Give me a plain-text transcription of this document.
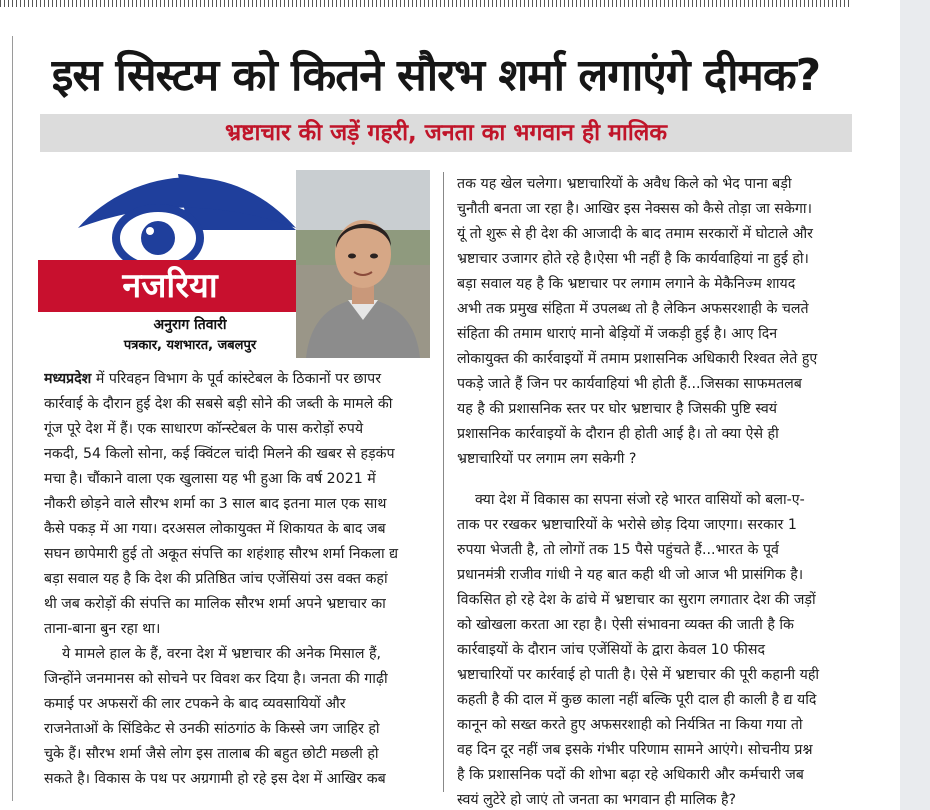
इस सिस्टम को कितने सौरभ शर्मा लगाएंगे दीमक?
भ्रष्टाचार की जड़ें गहरी, जनता का भगवान ही मालिक
नजरिया
अनुराग तिवारी
पत्रकार, यशभारत, जबलपुर
मध्यप्रदेश में परिवहन विभाग के पूर्व कांस्टेबल के ठिकानों पर छापर
कार्रवाई के दौरान हुई देश की सबसे बड़ी सोने की जब्ती के मामले की
गूंज पूरे देश में हैं। एक साधारण कॉन्स्टेबल के पास करोड़ों रुपये
नकदी, 54 किलो सोना, कई क्विंटल चांदी मिलने की खबर से हड़कंप
मचा है। चौंकाने वाला एक खुलासा यह भी हुआ कि वर्ष 2021 में
नौकरी छोड़ने वाले सौरभ शर्मा का 3 साल बाद इतना माल एक साथ
कैसे पकड़ में आ गया। दरअसल लोकायुक्त में शिकायत के बाद जब
सघन छापेमारी हुई तो अकूत संपत्ति का शहंशाह सौरभ शर्मा निकला द्य
बड़ा सवाल यह है कि देश की प्रतिष्ठित जांच एजेंसियां उस वक्त कहां
थी जब करोड़ों की संपत्ति का मालिक सौरभ शर्मा अपने भ्रष्टाचार का
ताना-बाना बुन रहा था।
ये मामले हाल के हैं, वरना देश में भ्रष्टाचार की अनेक मिसाल हैं,
जिन्होंने जनमानस को सोचने पर विवश कर दिया है। जनता की गाढ़ी
कमाई पर अफसरों की लार टपकने के बाद व्यवसायियों और
राजनेताओं के सिंडिकेट से उनकी सांठगांठ के किस्से जग जाहिर हो
चुके हैं। सौरभ शर्मा जैसे लोग इस तालाब की बहुत छोटी मछली हो
सकते है। विकास के पथ पर अग्रगामी हो रहे इस देश में आखिर कब
तक यह खेल चलेगा। भ्रष्टाचारियों के अवैध किले को भेद पाना बड़ी
चुनौती बनता जा रहा है। आखिर इस नेक्सस को कैसे तोड़ा जा सकेगा।
यूं तो शुरू से ही देश की आजादी के बाद तमाम सरकारों में घोटाले और
भ्रष्टाचार उजागर होते रहे है।ऐसा भी नहीं है कि कार्यवाहियां ना हुई हो।
बड़ा सवाल यह है कि भ्रष्टाचार पर लगाम लगाने के मेकैनिज्म शायद
अभी तक प्रमुख संहिता में उपलब्ध तो है लेकिन अफसरशाही के चलते
संहिता की तमाम धाराएं मानो बेड़ियों में जकड़ी हुई है। आए दिन
लोकायुक्त की कार्रवाइयों में तमाम प्रशासनिक अधिकारी रिश्वत लेते हुए
पकड़े जाते हैं जिन पर कार्यवाहियां भी होती हैं...जिसका साफमतलब
यह है की प्रशासनिक स्तर पर घोर भ्रष्टाचार है जिसकी पुष्टि स्वयं
प्रशासनिक कार्रवाइयों के दौरान ही होती आई है। तो क्या ऐसे ही
भ्रष्टाचारियों पर लगाम लग सकेगी ?
क्या देश में विकास का सपना संजो रहे भारत वासियों को बला-ए-
ताक पर रखकर भ्रष्टाचारियों के भरोसे छोड़ दिया जाएगा। सरकार 1
रुपया भेजती है, तो लोगों तक 15 पैसे पहुंचते हैं...भारत के पूर्व
प्रधानमंत्री राजीव गांधी ने यह बात कही थी जो आज भी प्रासंगिक है।
विकसित हो रहे देश के ढांचे में भ्रष्टाचार का सुराग लगातार देश की जड़ों
को खोखला करता आ रहा है। ऐसी संभावना व्यक्त की जाती है कि
कार्रवाइयों के दौरान जांच एजेंसियों के द्वारा केवल 10 फीसद
भ्रष्टाचारियों पर कार्रवाई हो पाती है। ऐसे में भ्रष्टाचार की पूरी कहानी यही
कहती है की दाल में कुछ काला नहीं बल्कि पूरी दाल ही काली है द्य यदि
कानून को सख्त करते हुए अफसरशाही को निर्यत्रित ना किया गया तो
वह दिन दूर नहीं जब इसके गंभीर परिणाम सामने आएंगे। सोचनीय प्रश्न
है कि प्रशासनिक पदों की शोभा बढ़ा रहे अधिकारी और कर्मचारी जब
स्वयं लुटेरे हो जाएं तो जनता का भगवान ही मालिक है?
